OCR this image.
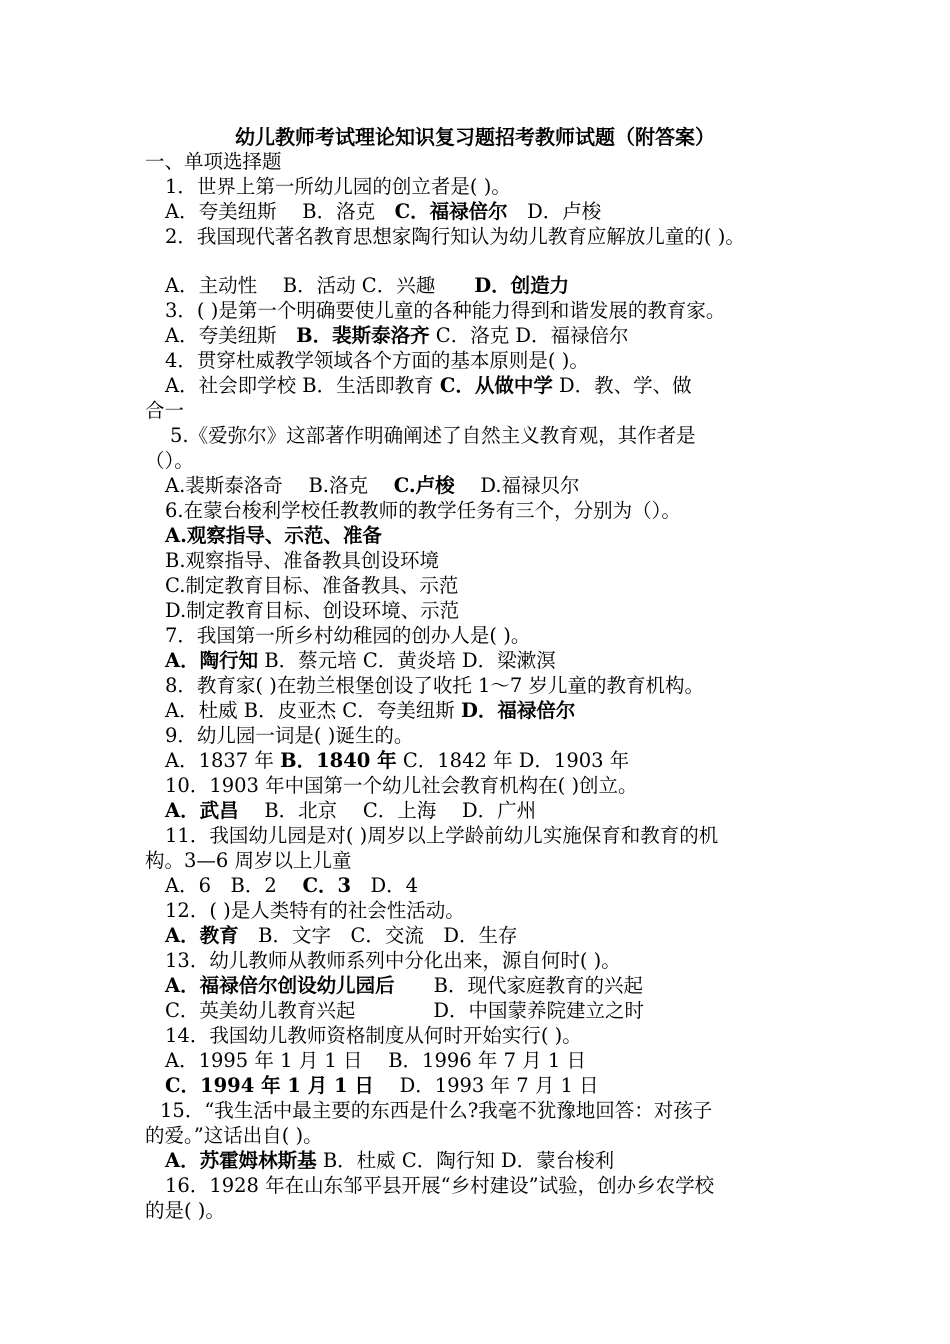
幼儿教师考试理论知识复习题招考教师试题（附答案）
一、单项选择题
1．世界上第一所幼儿园的创立者是( )。
A．夸美纽斯　 B．洛克　C．福禄倍尔　D．卢梭
2．我国现代著名教育思想家陶行知认为幼儿教育应解放儿童的( )。
A．主动性　 B．活动 C．兴趣　　D．创造力
3．( )是第一个明确要使儿童的各种能力得到和谐发展的教育家。
A．夸美纽斯　B．裴斯泰洛齐 C．洛克 D．福禄倍尔
4．贯穿杜威教学领域各个方面的基本原则是( )。
A．社会即学校 B．生活即教育 C．从做中学 D．教、学、做
合一
5.《爱弥尔》这部著作明确阐述了自然主义教育观，其作者是
（）。
A.裴斯泰洛奇　 B.洛克　 C.卢梭　 D.福禄贝尔
6.在蒙台梭利学校任教教师的教学任务有三个，分别为（）。
A.观察指导、示范、准备
B.观察指导、准备教具创设环境
C.制定教育目标、准备教具、示范
D.制定教育目标、创设环境、示范
7．我国第一所乡村幼稚园的创办人是( )。
A．陶行知 B．蔡元培 C．黄炎培 D．梁漱溟
8．教育家( )在勃兰根堡创设了收托 1～7 岁儿童的教育机构。
A．杜威 B．皮亚杰 C．夸美纽斯 D．福禄倍尔
9．幼儿园一词是( )诞生的。
A．1837 年 B．1840 年 C．1842 年 D．1903 年
10．1903 年中国第一个幼儿社会教育机构在( )创立。
A．武昌　 B．北京　 C．上海　 D．广州
11．我国幼儿园是对( )周岁以上学龄前幼儿实施保育和教育的机
构。3—6 周岁以上儿童
A．6　B．2　 C．3　D．4
12．( )是人类特有的社会性活动。
A．教育　B．文字　C．交流　D．生存
13．幼儿教师从教师系列中分化出来，源自何时( )。
A．福禄倍尔创设幼儿园后　　B．现代家庭教育的兴起
C．英美幼儿教育兴起　　　　D．中国蒙养院建立之时
14．我国幼儿教师资格制度从何时开始实行( )。
A．1995 年 1 月 1 日　 B．1996 年 7 月 1 日
C．1994 年 1 月 1 日　 D．1993 年 7 月 1 日
15．“我生活中最主要的东西是什么?我毫不犹豫地回答：对孩子
的爱。”这话出自( )。
A．苏霍姆林斯基 B．杜威 C．陶行知 D．蒙台梭利
16．1928 年在山东邹平县开展“乡村建设”试验，创办乡农学校
的是( )。
